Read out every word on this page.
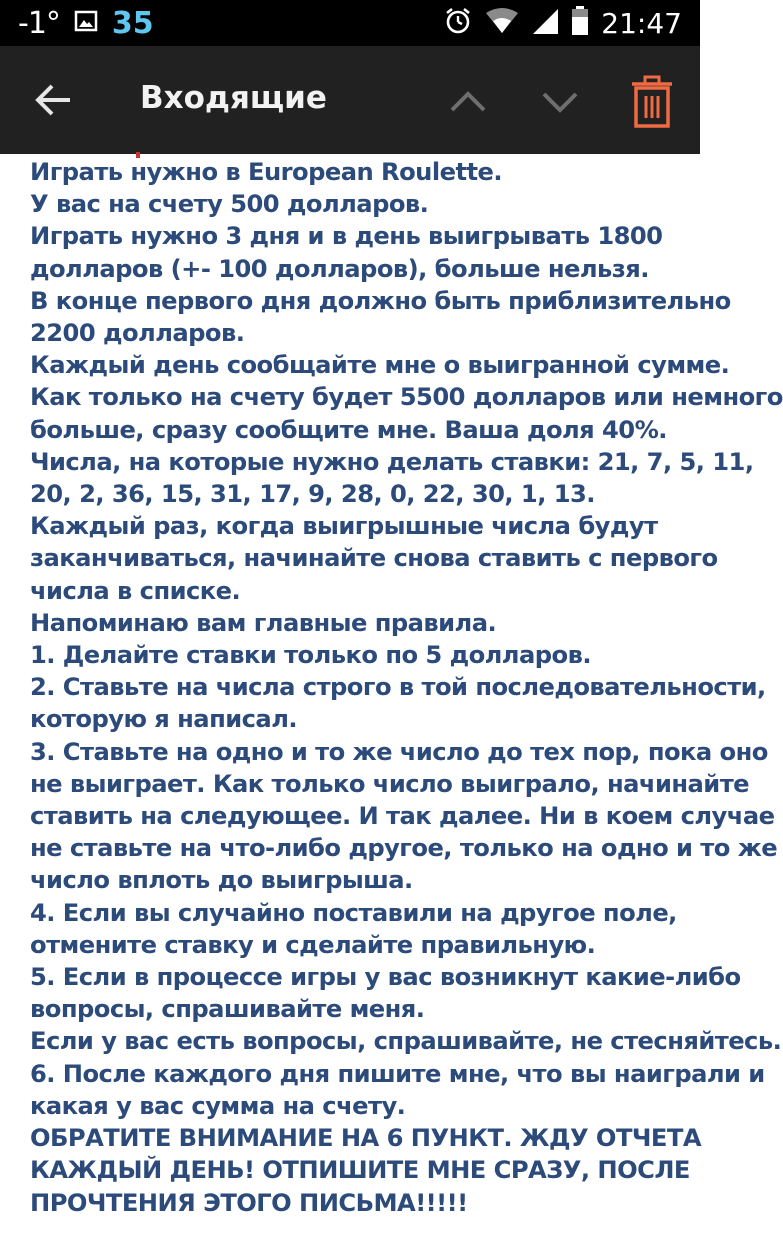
-1° 35	21:47
Входящие
Играть нужно в European Roulette.
У вас на счету 500 долларов.
Играть нужно 3 дня и в день выигрывать 1800
долларов (+- 100 долларов), больше нельзя.
В конце первого дня должно быть приблизительно
2200 долларов.
Каждый день сообщайте мне о выигранной сумме.
Как только на счету будет 5500 долларов или немного
больше, сразу сообщите мне. Ваша доля 40%.
Числа, на которые нужно делать ставки: 21, 7, 5, 11,
20, 2, 36, 15, 31, 17, 9, 28, 0, 22, 30, 1, 13.
Каждый раз, когда выигрышные числа будут
заканчиваться, начинайте снова ставить с первого
числа в списке.
Напоминаю вам главные правила.
1. Делайте ставки только по 5 долларов.
2. Ставьте на числа строго в той последовательности,
которую я написал.
3. Ставьте на одно и то же число до тех пор, пока оно
не выиграет. Как только число выиграло, начинайте
ставить на следующее. И так далее. Ни в коем случае
не ставьте на что-либо другое, только на одно и то же
число вплоть до выигрыша.
4. Если вы случайно поставили на другое поле,
отмените ставку и сделайте правильную.
5. Если в процессе игры у вас возникнут какие-либо
вопросы, спрашивайте меня.
Если у вас есть вопросы, спрашивайте, не стесняйтесь.
6. После каждого дня пишите мне, что вы наиграли и
какая у вас сумма на счету.
ОБРАТИТЕ ВНИМАНИЕ НА 6 ПУНКТ. ЖДУ ОТЧЕТА
КАЖДЫЙ ДЕНЬ! ОТПИШИТЕ МНЕ СРАЗУ, ПОСЛЕ
ПРОЧТЕНИЯ ЭТОГО ПИСЬМА!!!!!
